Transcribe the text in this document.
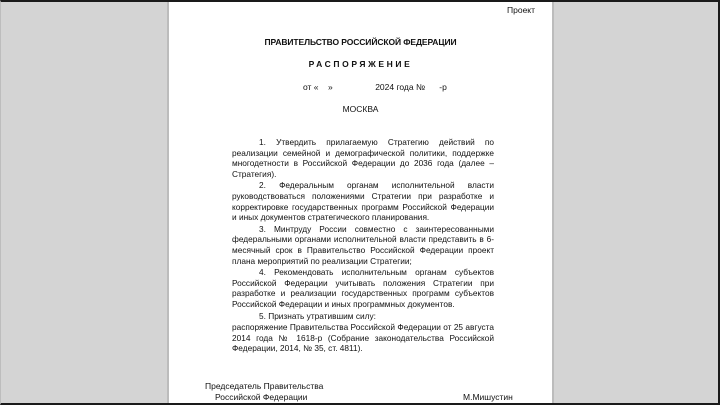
Проект
ПРАВИТЕЛЬСТВО РОССИЙСКОЙ ФЕДЕРАЦИИ
РАСПОРЯЖЕНИЕ
от «    »                  2024 года №      -р
МОСКВА

1. Утвердить прилагаемую Стратегию действий по реализации семейной и демографической политики, поддержке многодетности в Российской Федерации до 2036 года (далее – Стратегия).

2. Федеральным органам исполнительной власти руководствоваться положениями Стратегии при разработке и корректировке государственных программ Российской Федерации и иных документов стратегического планирования.

3. Минтруду России совместно с заинтересованными федеральными органами исполнительной власти представить в 6-месячный срок в Правительство Российской Федерации проект плана мероприятий по реализации Стратегии;

4. Рекомендовать исполнительным органам субъектов Российской Федерации учитывать положения Стратегии при разработке и реализации государственных программ субъектов Российской Федерации и иных программных документов.

5. Признать утратившим силу:

распоряжение Правительства Российской Федерации от 25 августа 2014 года № 1618-р (Собрание законодательства Российской Федерации, 2014, № 35, ст. 4811).

Председатель Правительства
Российской Федерации	М.Мишустин
